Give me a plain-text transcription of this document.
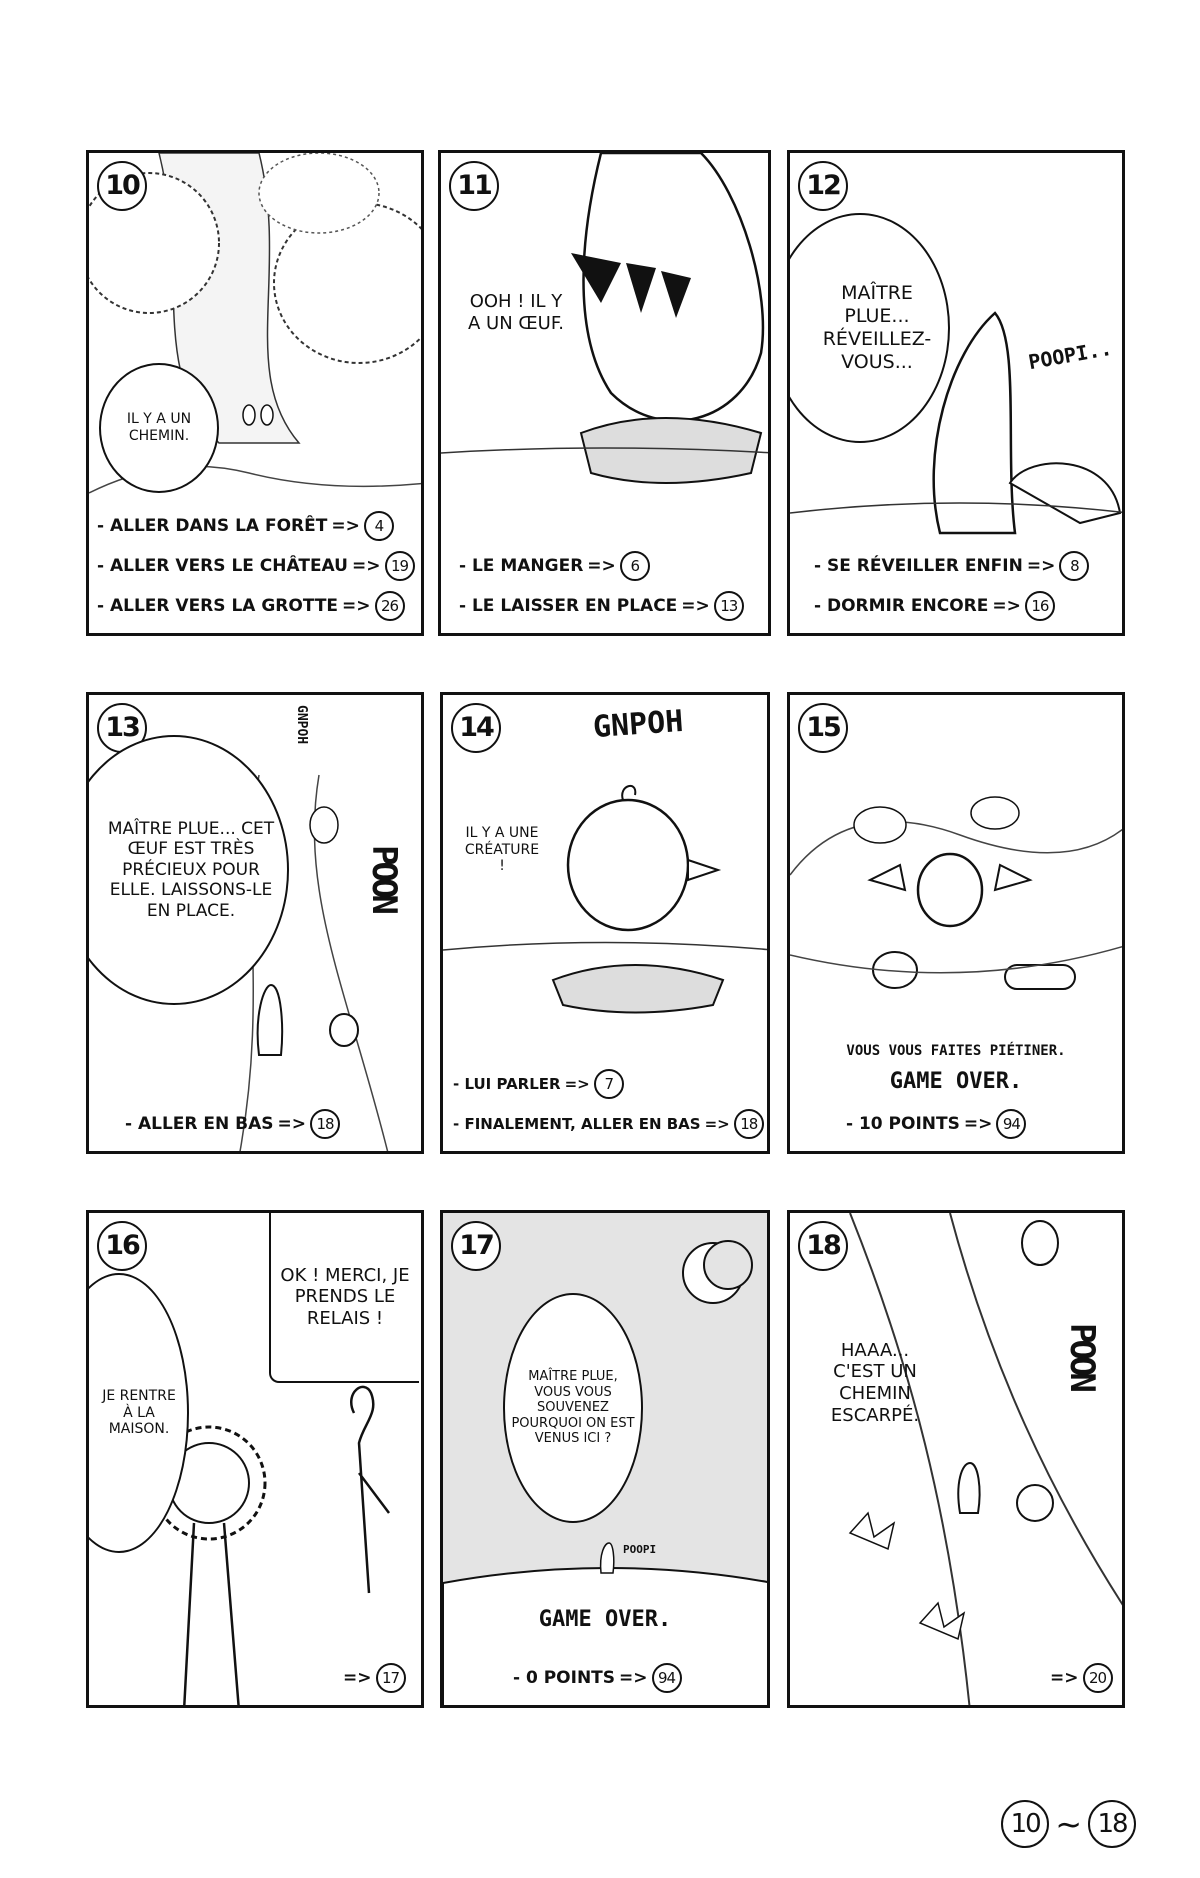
10
IL Y A UN CHEMIN.
- ALLER DANS LA FORÊT => 4
- ALLER VERS LE CHÂTEAU => 19
- ALLER VERS LA GROTTE => 26
11
OOH ! IL Y A UN ŒUF.
- LE MANGER => 6
- LE LAISSER EN PLACE => 13
12
MAÎTRE PLUE... RÉVEILLEZ-VOUS...	POOPI..
- SE RÉVEILLER ENFIN => 8
- DORMIR ENCORE => 16
13
MAÎTRE PLUE... CET ŒUF EST TRÈS PRÉCIEUX POUR ELLE. LAISSONS-LE EN PLACE.	POON
GNPOH
- ALLER EN BAS => 18
14	GNPOH
IL Y A UNE CRÉATURE !
- LUI PARLER => 7
- FINALEMENT, ALLER EN BAS => 18
15
VOUS VOUS FAITES PIÉTINER.
GAME OVER.
- 10 POINTS => 94
16
JE RENTRE À LA MAISON.
OK ! MERCI, JE PRENDS LE RELAIS !
=> 17
17
MAÎTRE PLUE, VOUS VOUS SOUVENEZ POURQUOI ON EST VENUS ICI ?
POOPI
GAME OVER.
- 0 POINTS => 94
18
HAAA... C'EST UN CHEMIN ESCARPÉ.
POON
=> 20
10 ~ 18
